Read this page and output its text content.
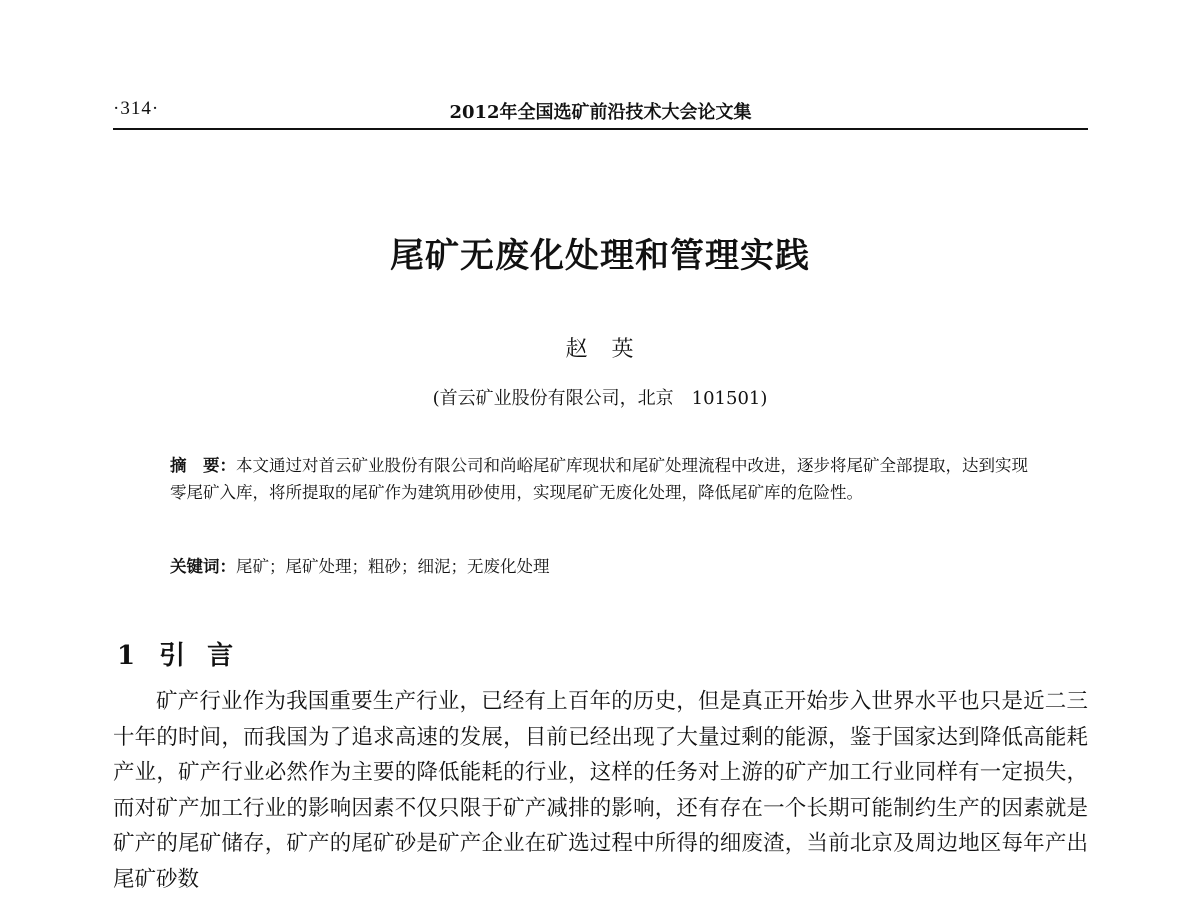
·314·	2012年全国选矿前沿技术大会论文集
尾矿无废化处理和管理实践
赵　英
(首云矿业股份有限公司，北京　101501)
摘　要：本文通过对首云矿业股份有限公司和尚峪尾矿库现状和尾矿处理流程中改进，逐步将尾矿全部提取，达到实现零尾矿入库，将所提取的尾矿作为建筑用砂使用，实现尾矿无废化处理，降低尾矿库的危险性。
关键词：尾矿；尾矿处理；粗砂；细泥；无废化处理
1 引言

矿产行业作为我国重要生产行业，已经有上百年的历史，但是真正开始步入世界水平也只是近二三十年的时间，而我国为了追求高速的发展，目前已经出现了大量过剩的能源，鉴于国家达到降低高能耗产业，矿产行业必然作为主要的降低能耗的行业，这样的任务对上游的矿产加工行业同样有一定损失，而对矿产加工行业的影响因素不仅只限于矿产减排的影响，还有存在一个长期可能制约生产的因素就是矿产的尾矿储存，矿产的尾矿砂是矿产企业在矿选过程中所得的细废渣，当前北京及周边地区每年产出尾矿砂数
